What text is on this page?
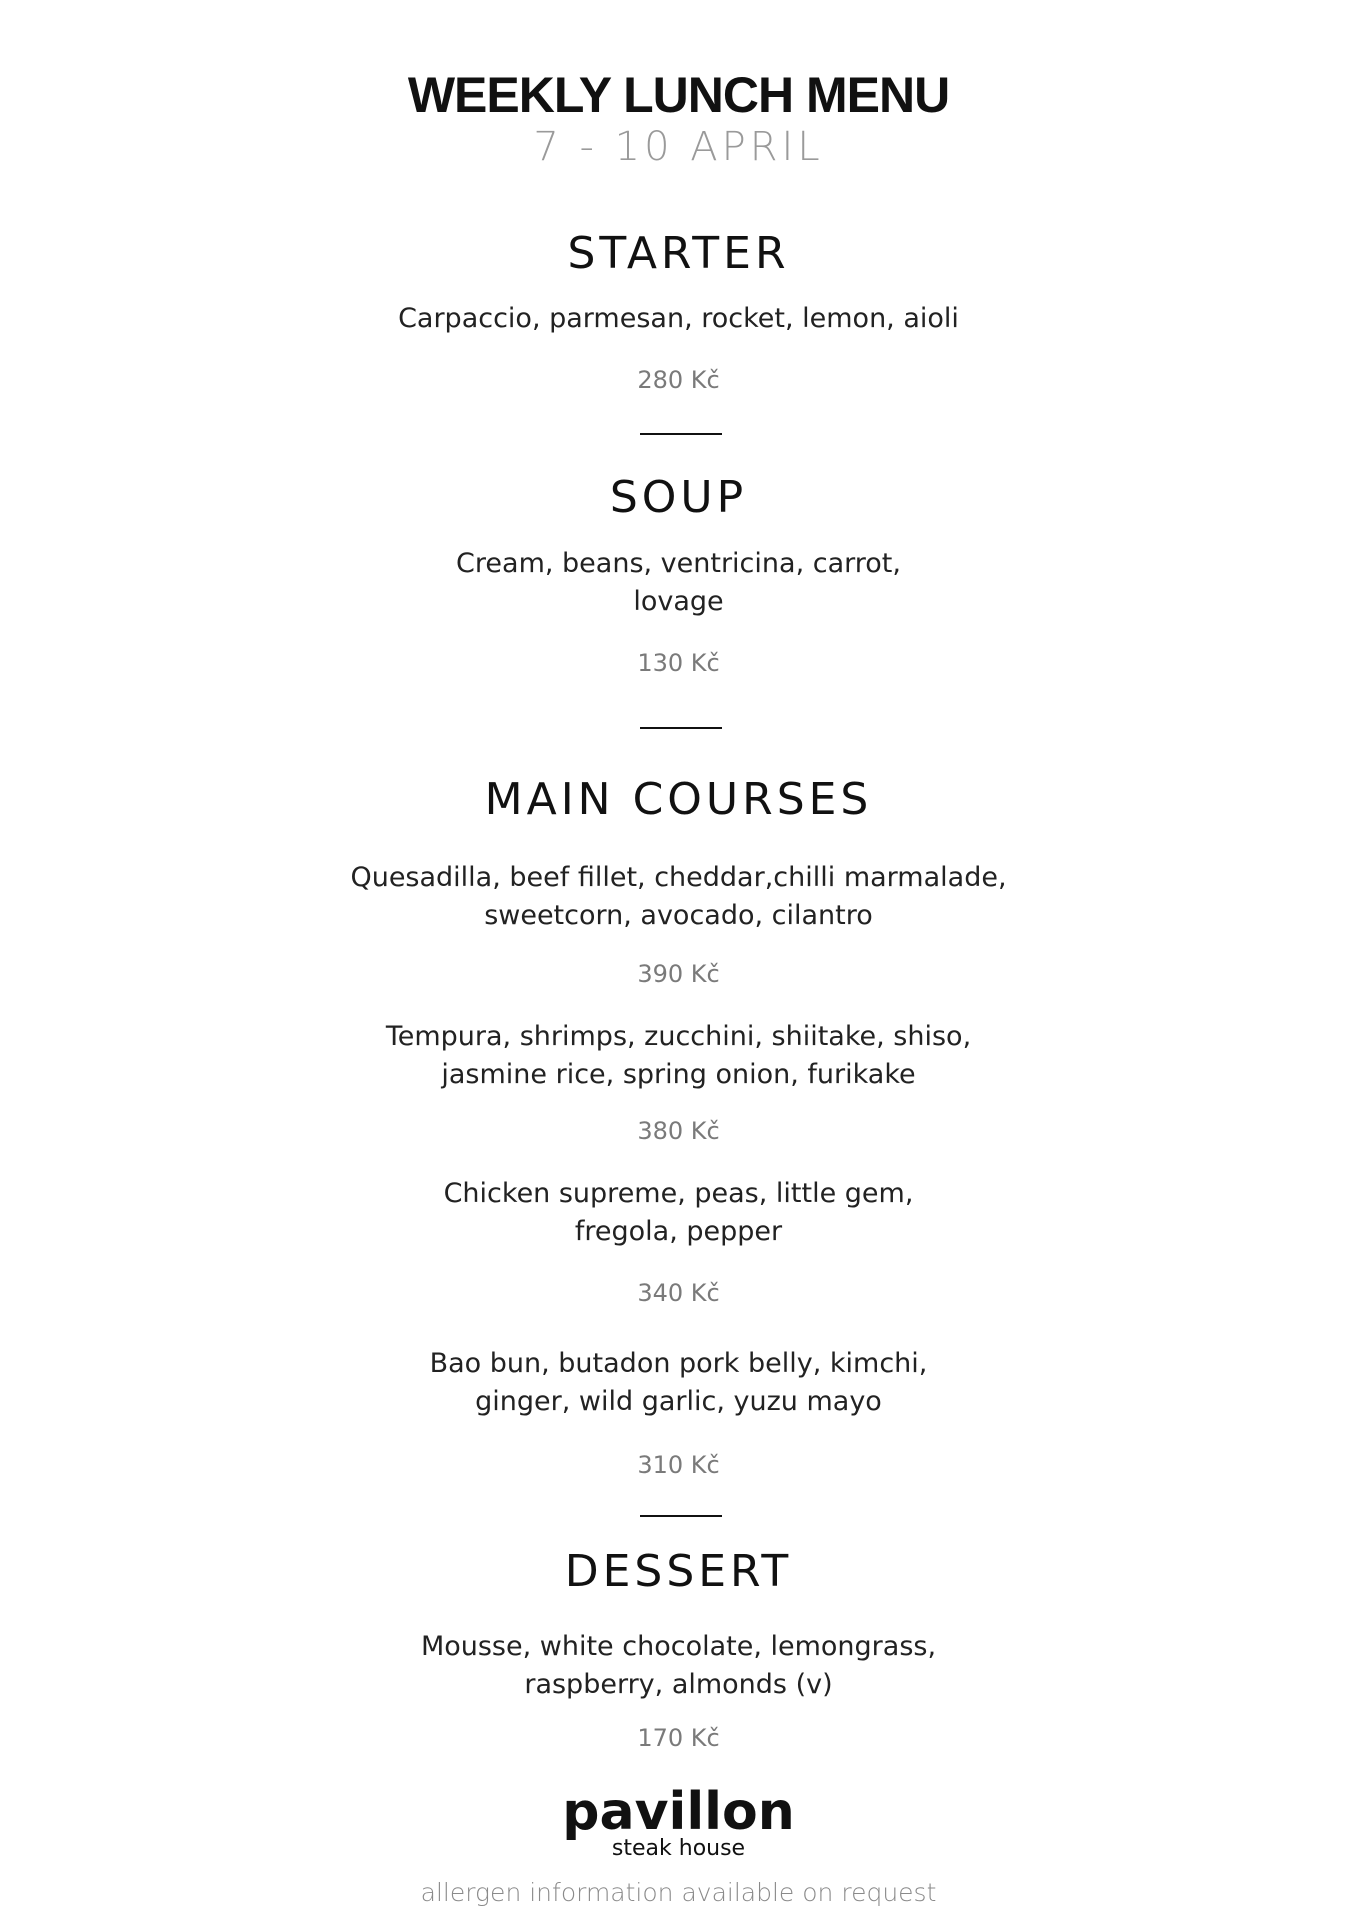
WEEKLY LUNCH MENU
7 - 10 APRIL
STARTER
Carpaccio, parmesan, rocket, lemon, aioli
280 Kč
SOUP
Cream, beans, ventricina, carrot,
lovage
130 Kč
MAIN COURSES
Quesadilla, beef fillet, cheddar,chilli marmalade,
sweetcorn, avocado, cilantro
390 Kč
Tempura, shrimps, zucchini, shiitake, shiso,
jasmine rice, spring onion, furikake
380 Kč
Chicken supreme, peas, little gem,
fregola, pepper
340 Kč
Bao bun, butadon pork belly, kimchi,
ginger, wild garlic, yuzu mayo
310 Kč
DESSERT
Mousse, white chocolate, lemongrass,
raspberry, almonds (v)
170 Kč
pavillon
steak house
allergen information available on request
